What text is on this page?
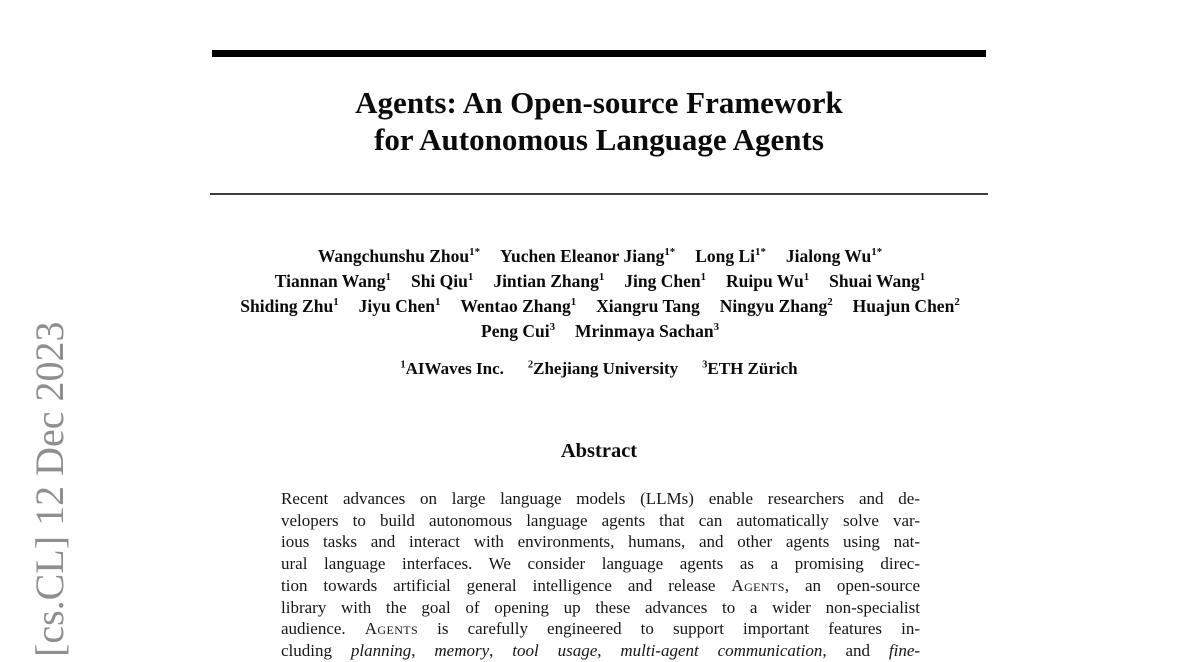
[cs.CL] 12 Dec 2023
Agents: An Open-source Framework
for Autonomous Language Agents
Wangchunshu Zhou$^{1*}$ Yuchen Eleanor Jiang$^{1*}$ Long $Li^{1*}$ Jialong $Wu^{1*}$
Tiannan Wang$^1$ Shi Qiu$^1$ Jintian Zhang$^1$ Jing Chen$^1$ Ruipu Wu$^1$ Shuai Wang$^1$
Shiding Zhu$^1$ Jiyu Chen$^1$ Wentao Zhang$^1$ Xiangru Tang Ningyu Zhang$^2$ Huajun Chen$^2$
Peng Cui$^3$ Mrinmaya Sachan$^3$
$^1$AIWaves Inc. $^2$Zhejiang University $^3$ETH Zürich
Abstract
Recent advances on large language models (LLMs) enable researchers and de-
velopers to build autonomous language agents that can automatically solve var-
ious tasks and interact with environments, humans, and other agents using nat-
ural language interfaces. We consider language agents as a promising direc-
tion towards artificial general intelligence and release Agents, an open-source
library with the goal of opening up these advances to a wider non-specialist
audience. Agents is carefully engineered to support important features in-
cluding planning, memory, tool usage, multi-agent communication, and fine-
